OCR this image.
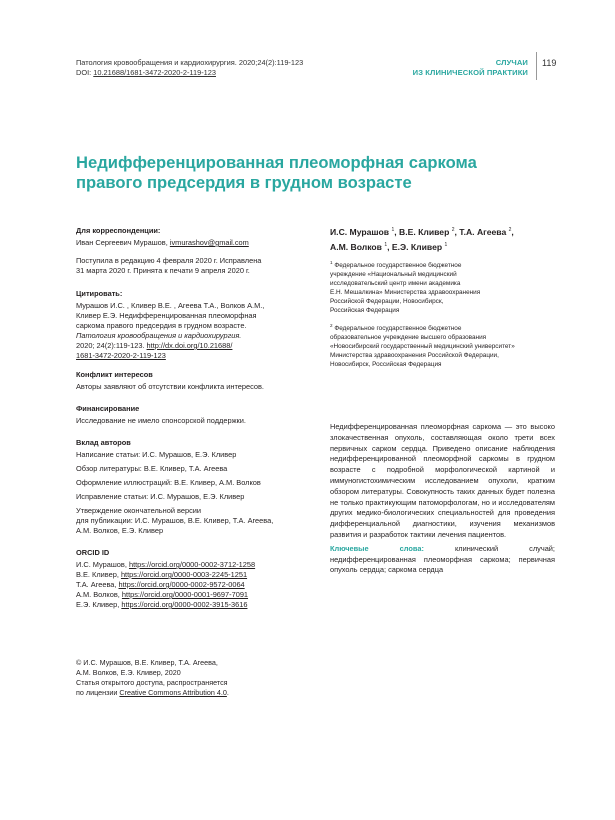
Патология кровообращения и кардиохирургия. 2020;24(2):119-123
DOI: 10.21688/1681-3472-2020-2-119-123
СЛУЧАИ
ИЗ КЛИНИЧЕСКОЙ ПРАКТИКИ
119
Недифференцированная плеоморфная саркома
правого предсердия в грудном возрасте
Для корреспонденции:

Иван Сергеевич Мурашов, ivmurashov@gmail.com

Поступила в редакцию 4 февраля 2020 г. Исправлена

31 марта 2020 г. Принята к печати 9 апреля 2020 г.

Цитировать:

Мурашов И.С. , Кливер В.Е. , Агеева Т.А., Волков А.М.,

Кливер Е.Э. Недифференцированная плеоморфная

саркома правого предсердия в грудном возрасте.

Патология кровообращения и кардиохирургия.

2020; 24(2):119-123. http://dx.doi.org/10.21688/

1681-3472-2020-2-119-123

Конфликт интересов

Авторы заявляют об отсутствии конфликта интересов.

Финансирование

Исследование не имело спонсорской поддержки.

Вклад авторов

Написание статьи: И.С. Мурашов, Е.Э. Кливер

Обзор литературы: В.Е. Кливер, Т.А. Агеева

Оформление иллюстраций: В.Е. Кливер, А.М. Волков

Исправление статьи: И.С. Мурашов, Е.Э. Кливер

Утверждение окончательной версии

для публикации: И.С. Мурашов, В.Е. Кливер, Т.А. Агеева,

А.М. Волков, Е.Э. Кливер

ORCID ID

И.С. Мурашов, https://orcid.org/0000-0002-3712-1258

В.Е. Кливер, https://orcid.org/0000-0003-2245-1251

Т.А. Агеева, https://orcid.org/0000-0002-9572-0064

А.М. Волков, https://orcid.org/0000-0001-9697-7091

Е.Э. Кливер, https://orcid.org/0000-0002-3915-3616

© И.С. Мурашов, В.Е. Кливер, Т.А. Агеева,
А.М. Волков, Е.Э. Кливер, 2020
Статья открытого доступа, распространяется
по лицензии Creative Commons Attribution 4.0.
И.С. Мурашов $^1$, В.Е. Кливер $^2$, Т.А. Агеева $^2$,
А.М. Волков $^1$, Е.Э. Кливер $^1$

$^1$ Федеральное государственное бюджетное
учреждение «Национальный медицинский
исследовательский центр имени академика
Е.Н. Мешалкина» Министерства здравоохранения
Российской Федерации, Новосибирск,
Российская Федерация

$^2$ Федеральное государственное бюджетное
образовательное учреждение высшего образования
«Новосибирский государственный медицинский университет»
Министерства здравоохранения Российской Федерации,
Новосибирск, Российская Федерация

Недифференцированная плеоморфная саркома — это высоко злокачественная опухоль, составляющая около трети всех первичных сарком сердца. Приведено описание наблюдения недифференцированной плеоморфной саркомы в грудном возрасте с подробной морфологической картиной и иммуногистохимическим исследованием опухоли, кратким обзором литературы. Совокупность таких данных будет полезна не только практикующим патоморфологам, но и исследователям других медико-биологических специальностей для проведения дифференциальной диагностики, изучения механизмов развития и разработок тактики лечения пациентов.

Ключевые слова: клинический случай; недифференцированная плеоморфная саркома; первичная опухоль сердца; саркома сердца
